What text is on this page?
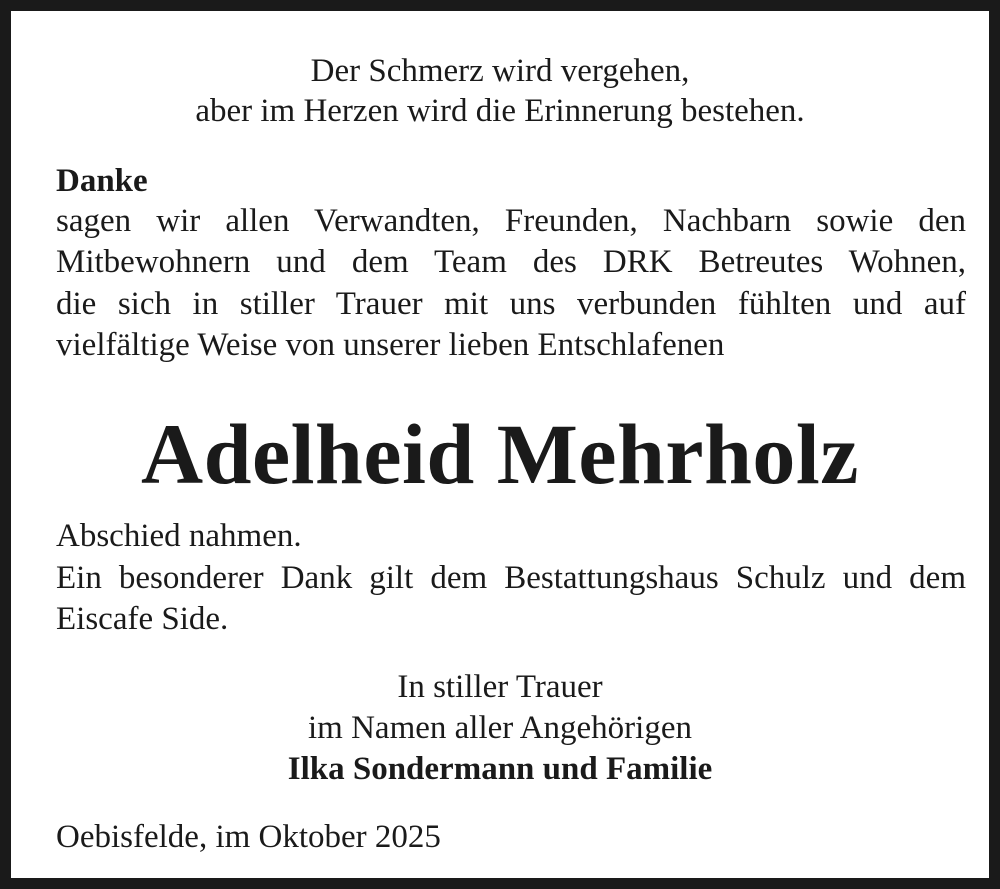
Der Schmerz wird vergehen,
aber im Herzen wird die Erinnerung bestehen.
Danke
sagen wir allen Verwandten, Freunden, Nachbarn sowie den
Mitbewohnern und dem Team des DRK Betreutes Wohnen,
die sich in stiller Trauer mit uns verbunden fühlten und auf
vielfältige Weise von unserer lieben Entschlafenen
Adelheid Mehrholz
Abschied nahmen.
Ein besonderer Dank gilt dem Bestattungshaus Schulz und dem
Eiscafe Side.
In stiller Trauer
im Namen aller Angehörigen
Ilka Sondermann und Familie
Oebisfelde, im Oktober 2025
